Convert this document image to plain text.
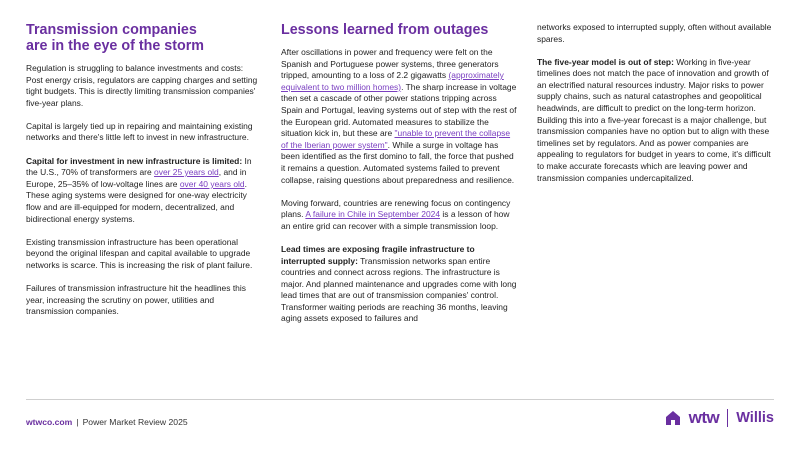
Transmission companies
are in the eye of the storm

Regulation is struggling to balance investments and costs: Post energy crisis, regulators are capping charges and setting tight budgets. This is directly limiting transmission companies' five-year plans.

Capital is largely tied up in repairing and maintaining existing networks and there's little left to invest in new infrastructure.

Capital for investment in new infrastructure is limited: In the U.S., 70% of transformers are over 25 years old, and in Europe, 25–35% of low-voltage lines are over 40 years old. These aging systems were designed for one-way electricity flow and are ill-equipped for modern, decentralized, and bidirectional energy systems.

Existing transmission infrastructure has been operational beyond the original lifespan and capital available to upgrade networks is scarce. This is increasing the risk of plant failure.

Failures of transmission infrastructure hit the headlines this year, increasing the scrutiny on power, utilities and transmission companies.

Lessons learned from outages

After oscillations in power and frequency were felt on the Spanish and Portuguese power systems, three generators tripped, amounting to a loss of 2.2 gigawatts (approximately equivalent to two million homes). The sharp increase in voltage then set a cascade of other power stations tripping across Spain and Portugal, leaving systems out of step with the rest of the European grid. Automated measures to stabilize the situation kick in, but these are "unable to prevent the collapse of the Iberian power system". While a surge in voltage has been identified as the first domino to fall, the force that pushed it remains a question. Automated systems failed to prevent collapse, raising questions about preparedness and resilience.

Moving forward, countries are renewing focus on contingency plans. A failure in Chile in September 2024 is a lesson of how an entire grid can recover with a simple transmission loop.

Lead times are exposing fragile infrastructure to interrupted supply: Transmission networks span entire countries and connect across regions. The infrastructure is major. And planned maintenance and upgrades come with long lead times that are out of transmission companies' control. Transformer waiting periods are reaching 36 months, leaving aging assets exposed to failures and

networks exposed to interrupted supply, often without available spares.

The five-year model is out of step: Working in five-year timelines does not match the pace of innovation and growth of an electrified natural resources industry. Major risks to power supply chains, such as natural catastrophes and geopolitical headwinds, are difficult to predict on the long-term horizon. Building this into a five-year forecast is a major challenge, but transmission companies have no option but to align with these timelines set by regulators. And as power companies are appealing to regulators for budget in years to come, it's difficult to make accurate forecasts which are leaving power and transmission companies undercapitalized.

wtwco.com | Power Market Review 2025	wtw Willis
